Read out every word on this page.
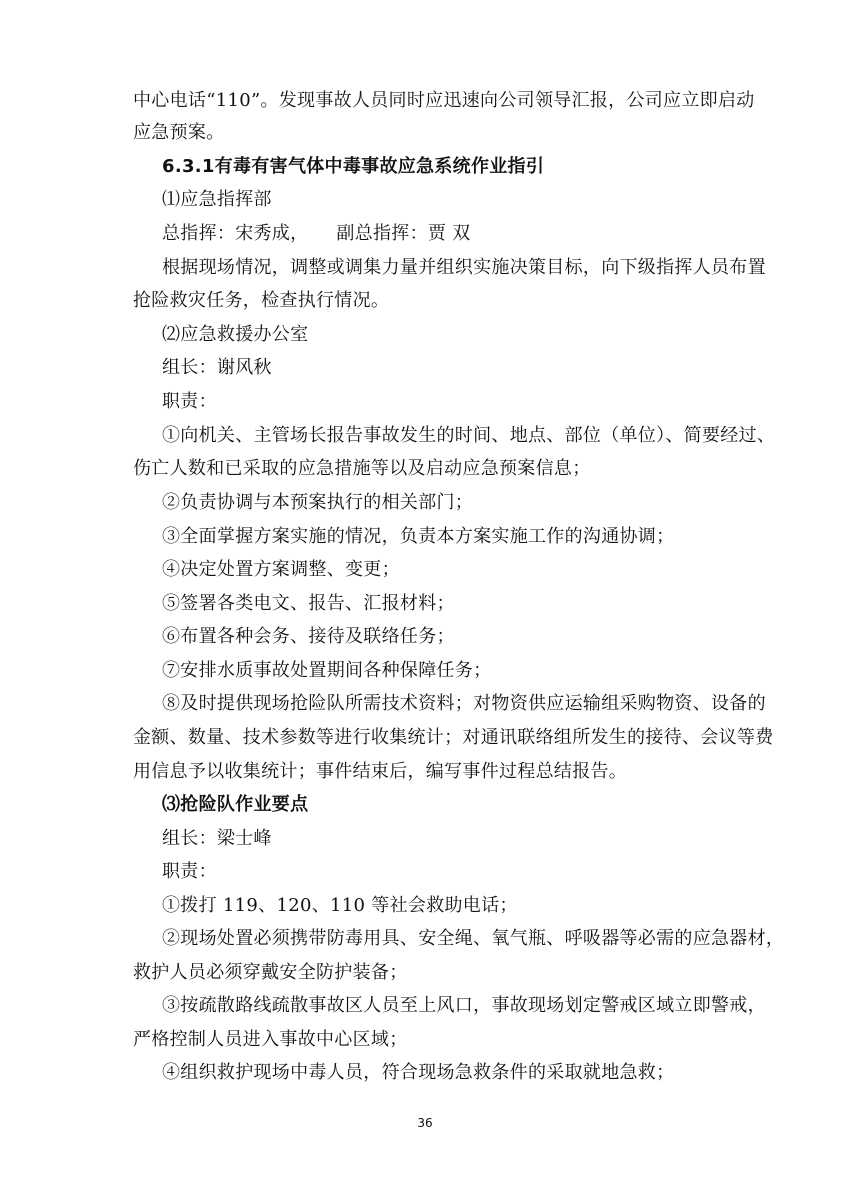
中心电话“110”。发现事故人员同时应迅速向公司领导汇报，公司应立即启动
应急预案。
6.3.1有毒有害气体中毒事故应急系统作业指引
⑴应急指挥部
总指挥：宋秀成， 副总指挥：贾 双
根据现场情况，调整或调集力量并组织实施决策目标，向下级指挥人员布置
抢险救灾任务，检查执行情况。
⑵应急救援办公室
组长：谢风秋
职责：
①向机关、主管场长报告事故发生的时间、地点、部位（单位）、简要经过、
伤亡人数和已采取的应急措施等以及启动应急预案信息；
②负责协调与本预案执行的相关部门；
③全面掌握方案实施的情况，负责本方案实施工作的沟通协调；
④决定处置方案调整、变更；
⑤签署各类电文、报告、汇报材料；
⑥布置各种会务、接待及联络任务；
⑦安排水质事故处置期间各种保障任务；
⑧及时提供现场抢险队所需技术资料；对物资供应运输组采购物资、设备的
金额、数量、技术参数等进行收集统计；对通讯联络组所发生的接待、会议等费
用信息予以收集统计；事件结束后，编写事件过程总结报告。
⑶抢险队作业要点
组长：梁士峰
职责：
①拨打 119、120、110 等社会救助电话；
②现场处置必须携带防毒用具、安全绳、氧气瓶、呼吸器等必需的应急器材，
救护人员必须穿戴安全防护装备；
③按疏散路线疏散事故区人员至上风口，事故现场划定警戒区域立即警戒，
严格控制人员进入事故中心区域；
④组织救护现场中毒人员，符合现场急救条件的采取就地急救；
36
